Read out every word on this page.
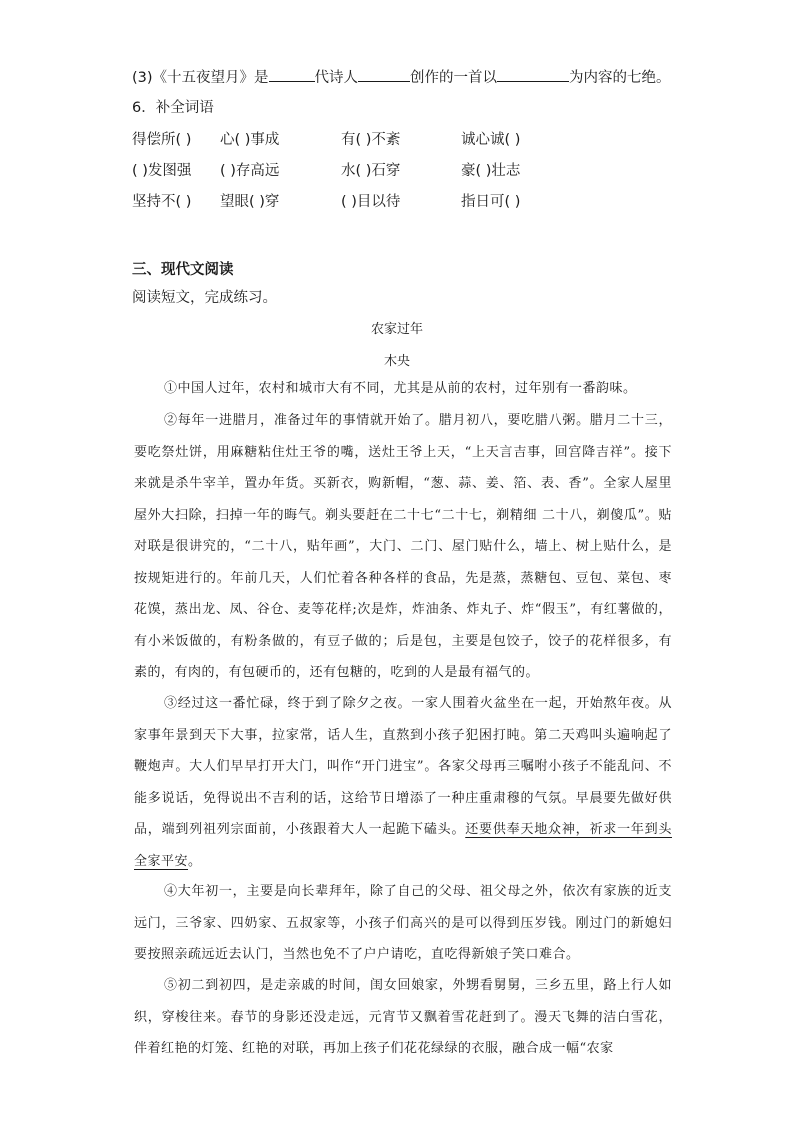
(3)《十五夜望月》是	代诗人	创作的一首以	为内容的七绝。
6．补全词语
得偿所( ) 心( )事成	有( )不紊	诚心诚( )
( )发图强 ( )存高远	水( )石穿	豪( )壮志
坚持不( ) 望眼( )穿	( )目以待	指日可( )
三、现代文阅读
阅读短文，完成练习。
农家过年
木央
①中国人过年，农村和城市大有不同，尤其是从前的农村，过年别有一番韵味。
②每年一进腊月，准备过年的事情就开始了。腊月初八，要吃腊八粥。腊月二十三，要吃祭灶饼，用麻糖粘住灶王爷的嘴，送灶王爷上天，“上天言吉事，回宫降吉祥”。接下来就是杀牛宰羊，置办年货。买新衣，购新帽，“葱、蒜、姜、箔、表、香”。全家人屋里屋外大扫除，扫掉一年的晦气。剃头要赶在二十七“二十七，剃精细 二十八，剃傻瓜”。贴对联是很讲究的，“二十八，贴年画”，大门、二门、屋门贴什么，墙上、树上贴什么，是按规矩进行的。年前几天，人们忙着各种各样的食品，先是蒸，蒸糖包、豆包、菜包、枣花馍，蒸出龙、凤、谷仓、麦等花样;次是炸，炸油条、炸丸子、炸“假玉”，有红薯做的，有小米饭做的，有粉条做的，有豆子做的；后是包，主要是包饺子，饺子的花样很多，有素的，有肉的，有包硬币的，还有包糖的，吃到的人是最有福气的。
③经过这一番忙碌，终于到了除夕之夜。一家人围着火盆坐在一起，开始熬年夜。从家事年景到天下大事，拉家常，话人生，直熬到小孩子犯困打盹。第二天鸡叫头遍响起了鞭炮声。大人们早早打开大门，叫作“开门进宝”。各家父母再三嘱咐小孩子不能乱问、不能多说话，免得说出不吉利的话，这给节日增添了一种庄重肃穆的气氛。早晨要先做好供品，端到列祖列宗面前，小孩跟着大人一起跪下磕头。还要供奉天地众神，祈求一年到头全家平安。
④大年初一，主要是向长辈拜年，除了自己的父母、祖父母之外，依次有家族的近支远门，三爷家、四奶家、五叔家等，小孩子们高兴的是可以得到压岁钱。刚过门的新媳妇要按照亲疏远近去认门，当然也免不了户户请吃，直吃得新娘子笑口难合。
⑤初二到初四，是走亲戚的时间，闺女回娘家，外甥看舅舅，三乡五里，路上行人如织，穿梭往来。春节的身影还没走远，元宵节又飘着雪花赶到了。漫天飞舞的洁白雪花，伴着红艳的灯笼、红艳的对联，再加上孩子们花花绿绿的衣服，融合成一幅“农家
